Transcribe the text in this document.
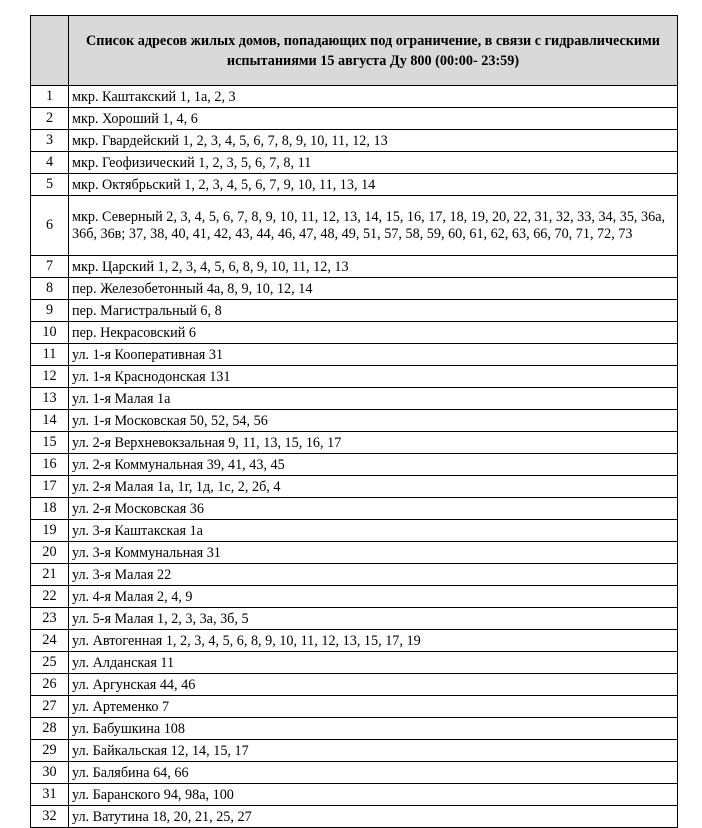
	Список адресов жилых домов, попадающих под ограничение, в связи с гидравлическими испытаниями 15 августа Ду 800 (00:00- 23:59)
1	мкр. Каштакский 1, 1а, 2, 3
2	мкр. Хороший 1, 4, 6
3	мкр. Гвардейский 1, 2, 3, 4, 5, 6, 7, 8, 9, 10, 11, 12, 13
4	мкр. Геофизический 1, 2, 3, 5, 6, 7, 8, 11
5	мкр. Октябрьский 1, 2, 3, 4, 5, 6, 7, 9, 10, 11, 13, 14
6	мкр. Северный 2, 3, 4, 5, 6, 7, 8, 9, 10, 11, 12, 13, 14, 15, 16, 17, 18, 19, 20, 22, 31, 32, 33, 34, 35, 36а, 36б, 36в; 37, 38, 40, 41, 42, 43, 44, 46, 47, 48, 49, 51, 57, 58, 59, 60, 61, 62, 63, 66, 70, 71, 72, 73
7	мкр. Царский 1, 2, 3, 4, 5, 6, 8, 9, 10, 11, 12, 13
8	пер. Железобетонный 4а, 8, 9, 10, 12, 14
9	пер. Магистральный 6, 8
10	пер. Некрасовский 6
11	ул. 1-я Кооперативная 31
12	ул. 1-я Краснодонская 131
13	ул. 1-я Малая 1а
14	ул. 1-я Московская 50, 52, 54, 56
15	ул. 2-я Верхневокзальная 9, 11, 13, 15, 16, 17
16	ул. 2-я Коммунальная 39, 41, 43, 45
17	ул. 2-я Малая 1а, 1г, 1д, 1с, 2, 2б, 4
18	ул. 2-я Московская 36
19	ул. 3-я Каштакская 1а
20	ул. 3-я Коммунальная 31
21	ул. 3-я Малая 22
22	ул. 4-я Малая 2, 4, 9
23	ул. 5-я Малая 1, 2, 3, 3а, 3б, 5
24	ул. Автогенная 1, 2, 3, 4, 5, 6, 8, 9, 10, 11, 12, 13, 15, 17, 19
25	ул. Алданская 11
26	ул. Аргунская 44, 46
27	ул. Артеменко 7
28	ул. Бабушкина 108
29	ул. Байкальская 12, 14, 15, 17
30	ул. Балябина 64, 66
31	ул. Баранского 94, 98а, 100
32	ул. Ватутина 18, 20, 21, 25, 27
